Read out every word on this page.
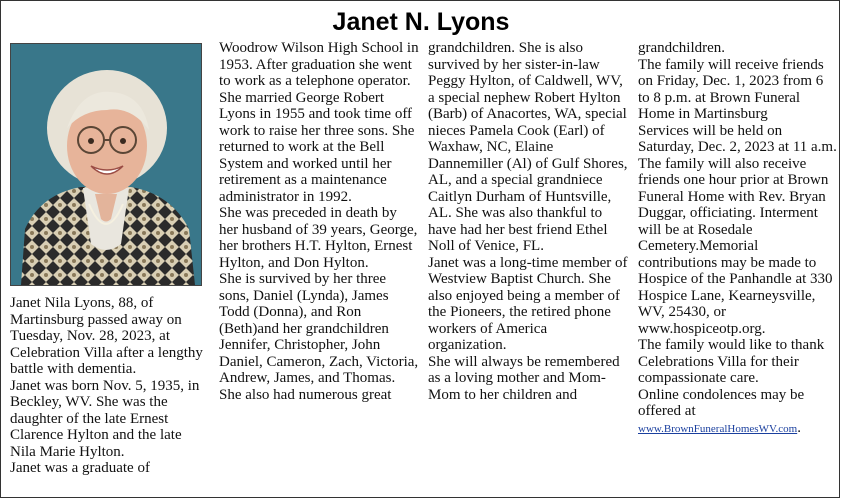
Janet N. Lyons

Janet Nila Lyons, 88, of Martinsburg passed away on Tuesday, Nov. 28, 2023, at Celebration Villa after a lengthy battle with dementia.

Janet was born Nov. 5, 1935, in Beckley, WV. She was the daughter of the late Ernest Clarence Hylton and the late Nila Marie Hylton.

Janet was a graduate of

Woodrow Wilson High School in 1953. After graduation she went to work as a telephone operator. She married George Robert Lyons in 1955 and took time off work to raise her three sons. She returned to work at the Bell System and worked until her retirement as a maintenance administrator in 1992.

She was preceded in death by her husband of 39 years, George, her brothers H.T. Hylton, Ernest Hylton, and Don Hylton.

She is survived by her three sons, Daniel (Lynda), James Todd (Donna), and Ron (Beth)and her grandchildren Jennifer, Christopher, John Daniel, Cameron, Zach, Victoria, Andrew, James, and Thomas. She also had numerous great

grandchildren. She is also survived by her sister-in-law Peggy Hylton, of Caldwell, WV, a special nephew Robert Hylton (Barb) of Anacortes, WA, special nieces Pamela Cook (Earl) of Waxhaw, NC, Elaine Dannemiller (Al) of Gulf Shores, AL, and a special grandniece Caitlyn Durham of Huntsville, AL. She was also thankful to have had her best friend Ethel Noll of Venice, FL.

Janet was a long-time member of Westview Baptist Church. She also enjoyed being a member of the Pioneers, the retired phone workers of America organization.

She will always be remembered as a loving mother and Mom-Mom to her children and

grandchildren.

The family will receive friends on Friday, Dec. 1, 2023 from 6 to 8 p.m. at Brown Funeral Home in Martinsburg

Services will be held on Saturday, Dec. 2, 2023 at 11 a.m. The family will also receive friends one hour prior at Brown Funeral Home with Rev. Bryan Duggar, officiating. Interment will be at Rosedale Cemetery.Memorial contributions may be made to Hospice of the Panhandle at 330 Hospice Lane, Kearneysville, WV, 25430, or www.hospiceotp.org.

The family would like to thank Celebrations Villa for their compassionate care.

Online condolences may be offered at

www.BrownFuneralHomesWV.com.
